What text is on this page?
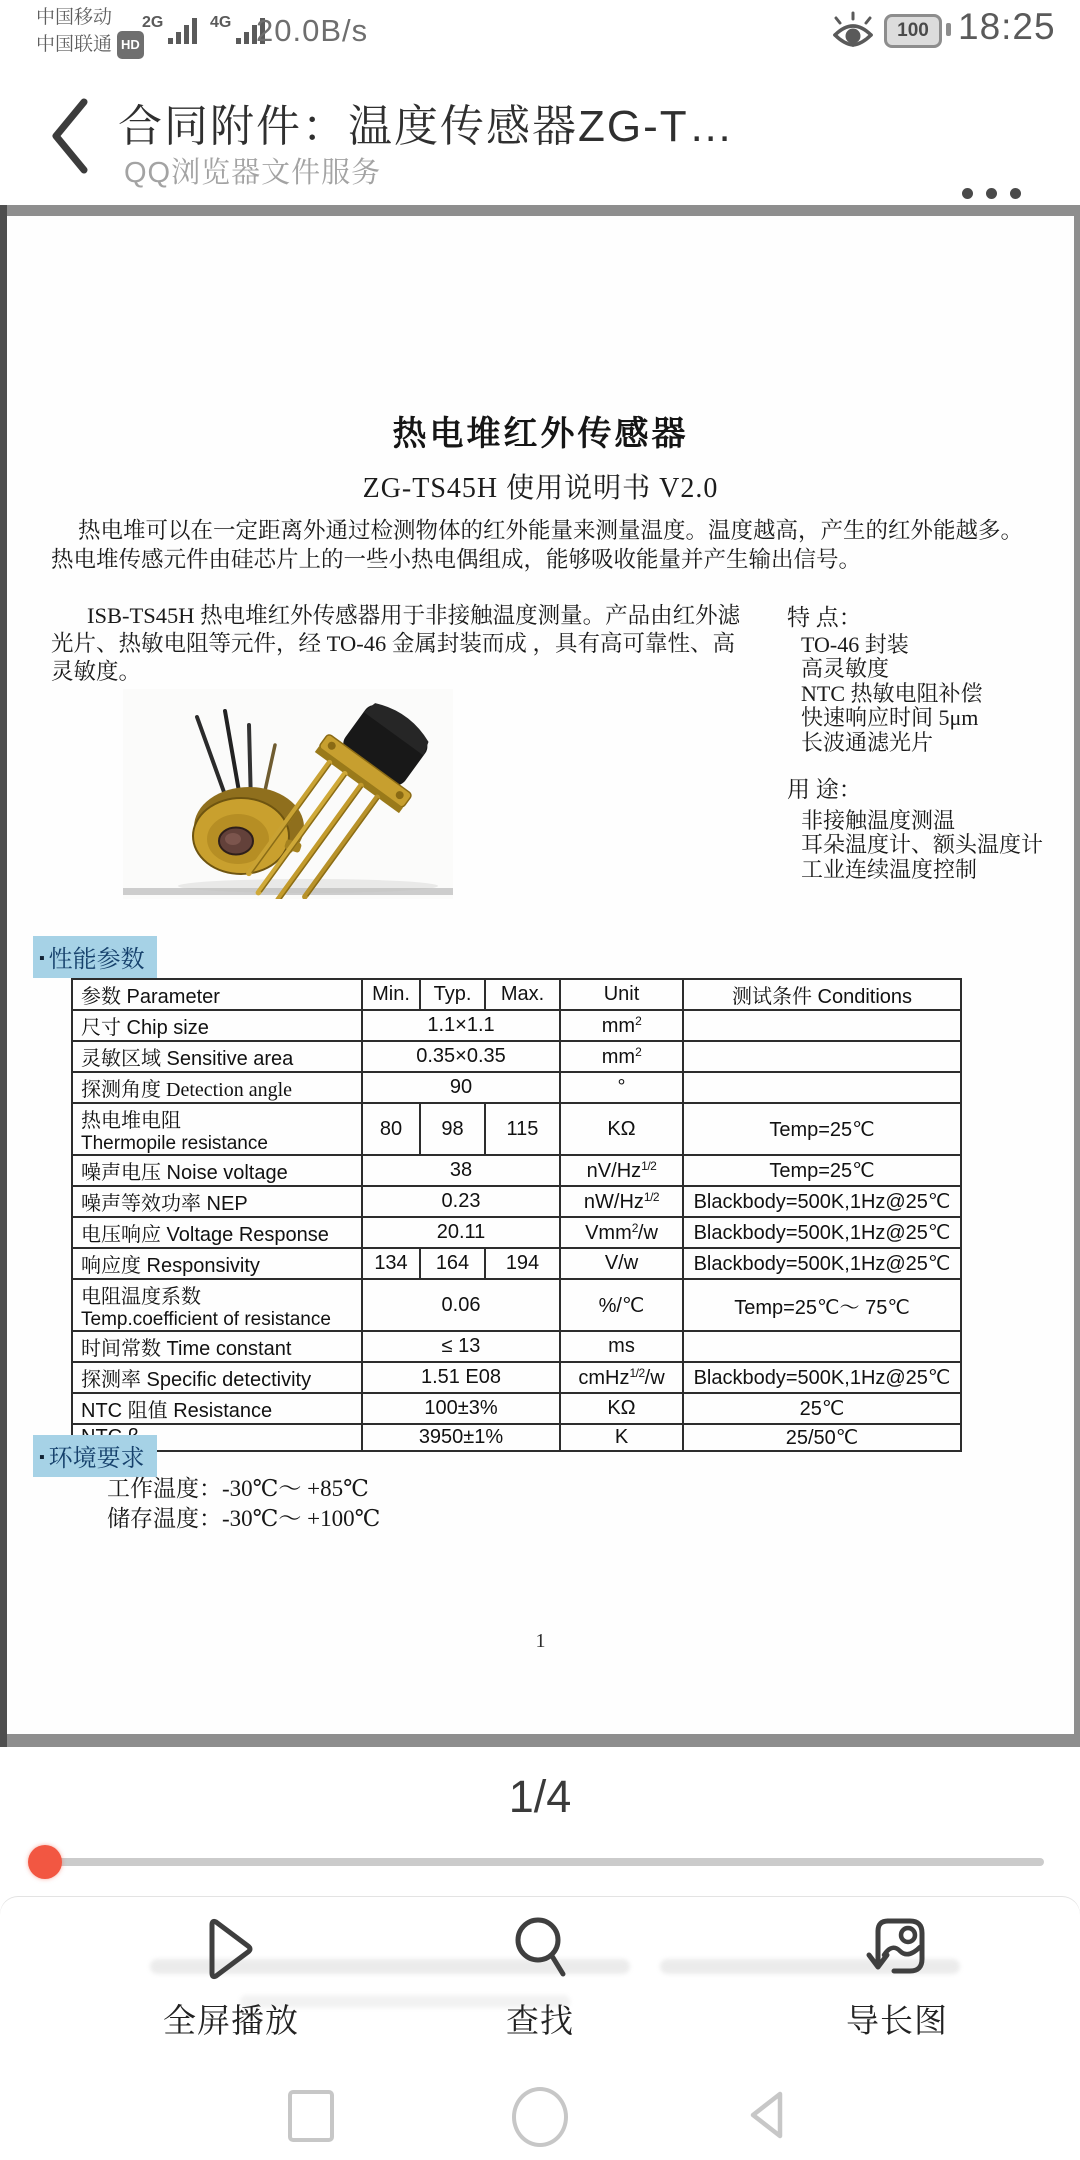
中国移动
中国联通 HD
2G	4G 20.0B/s	100 18:25
合同附件：温度传感器ZG-T…
QQ浏览器文件服务
热电堆红外传感器
ZG-TS45H 使用说明书 V2.0
热电堆可以在一定距离外通过检测物体的红外能量来测量温度。温度越高，产生的红外能越多。热电堆传感元件由硅芯片上的一些小热电偶组成，能够吸收能量并产生输出信号。
ISB-TS45H 热电堆红外传感器用于非接触温度测量。产品由红外滤光片、热敏电阻等元件，经 TO-46 金属封装而成 ，具有高可靠性、高灵敏度。
特 点：
TO-46 封装
高灵敏度
NTC 热敏电阻补偿
快速响应时间 5μm
长波通滤光片
用 途：
非接触温度测温
耳朵温度计、额头温度计
工业连续温度控制
▪ 性能参数
参数 Parameter	Min.	Typ.	Max.	Unit	测试条件 Conditions
尺寸 Chip size	1.1×1.1			$mm^2$	
灵敏区域 Sensitive area	0.35×0.35			$mm^2$	
探测角度 Detection angle	90			°	
热电堆电阻
Thermopile resistance	80	98	115	KΩ	Temp=25℃
噪声电压 Noise voltage	38			$nV/Hz^{1/2}$	Temp=25℃
噪声等效功率 NEP	0.23			$nW/Hz^{1/2}$	Blackbody=500K,1Hz@25℃
电压响应 Voltage Response	20.11			Vmm$^2$/w	Blackbody=500K,1Hz@25℃
响应度 Responsivity	134	164	194	V/w	Blackbody=500K,1Hz@25℃
电阻温度系数
Temp.coefficient of resistance	0.06			%/℃	Temp=25℃～ 75℃
时间常数 Time constant	≤ 13			ms	
探测率 Specific detectivity	1.51 E08			cmHz$^{1/2}$/w	Blackbody=500K,1Hz@25℃
NTC 阻值 Resistance	100±3%			KΩ	25℃
	3950±1%			K	25/50℃
▪ 环境要求
工作温度：-30℃～ +85℃
储存温度：-30℃～ +100℃
1
1/4
全屏播放	查找	导长图
